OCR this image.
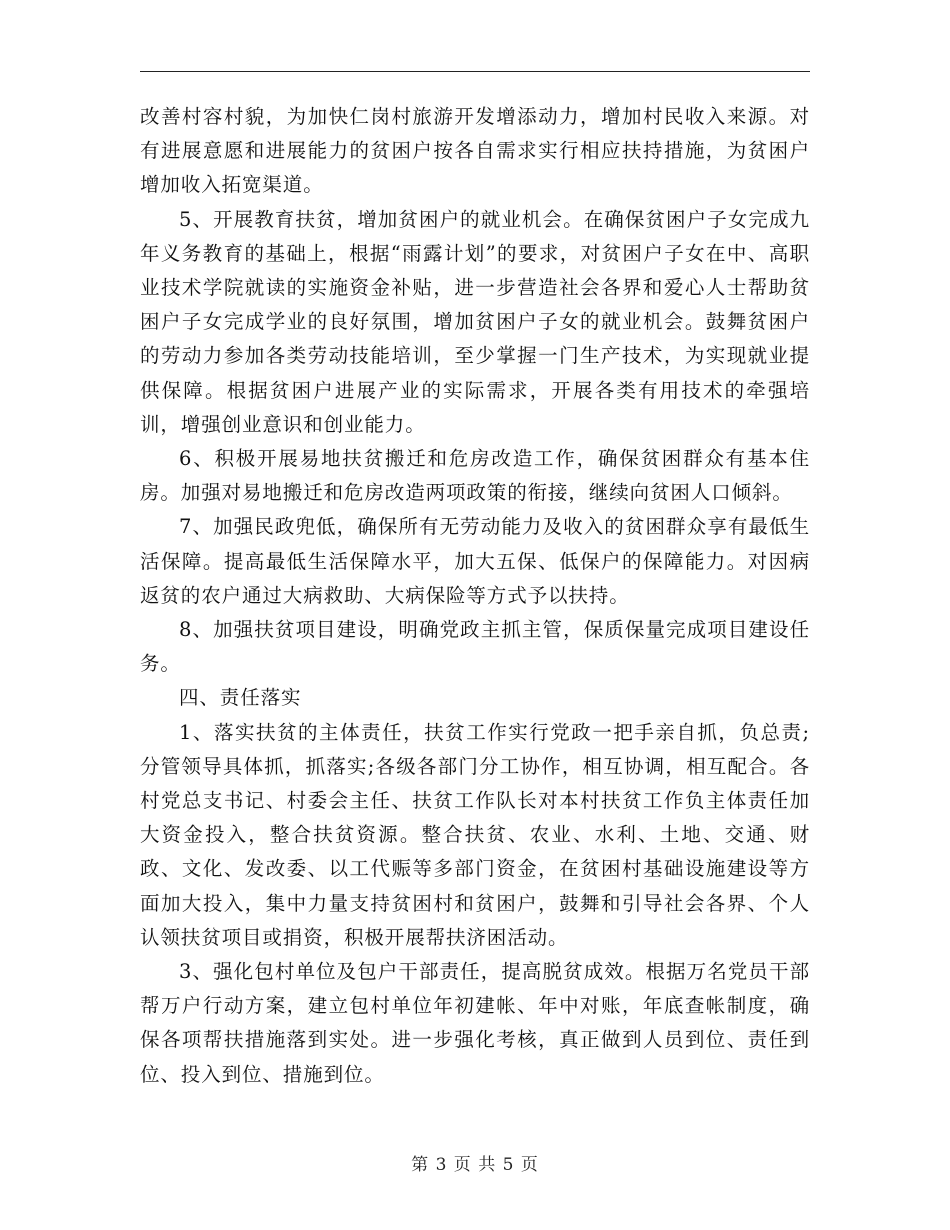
改善村容村貌，为加快仁岗村旅游开发增添动力，增加村民收入来源。对有进展意愿和进展能力的贫困户按各自需求实行相应扶持措施，为贫困户增加收入拓宽渠道。

5、开展教育扶贫，增加贫困户的就业机会。在确保贫困户子女完成九年义务教育的基础上，根据“雨露计划”的要求，对贫困户子女在中、高职业技术学院就读的实施资金补贴，进一步营造社会各界和爱心人士帮助贫困户子女完成学业的良好氛围，增加贫困户子女的就业机会。鼓舞贫困户的劳动力参加各类劳动技能培训，至少掌握一门生产技术，为实现就业提供保障。根据贫困户进展产业的实际需求，开展各类有用技术的牵强培训，增强创业意识和创业能力。

6、积极开展易地扶贫搬迁和危房改造工作，确保贫困群众有基本住房。加强对易地搬迁和危房改造两项政策的衔接，继续向贫困人口倾斜。

7、加强民政兜低，确保所有无劳动能力及收入的贫困群众享有最低生活保障。提高最低生活保障水平，加大五保、低保户的保障能力。对因病返贫的农户通过大病救助、大病保险等方式予以扶持。

8、加强扶贫项目建设，明确党政主抓主管，保质保量完成项目建设任务。

四、责任落实

1、落实扶贫的主体责任，扶贫工作实行党政一把手亲自抓，负总责;分管领导具体抓，抓落实;各级各部门分工协作，相互协调，相互配合。各村党总支书记、村委会主任、扶贫工作队长对本村扶贫工作负主体责任加大资金投入，整合扶贫资源。整合扶贫、农业、水利、土地、交通、财政、文化、发改委、以工代赈等多部门资金，在贫困村基础设施建设等方面加大投入，集中力量支持贫困村和贫困户，鼓舞和引导社会各界、个人认领扶贫项目或捐资，积极开展帮扶济困活动。

3、强化包村单位及包户干部责任，提高脱贫成效。根据万名党员干部帮万户行动方案，建立包村单位年初建帐、年中对账，年底查帐制度，确保各项帮扶措施落到实处。进一步强化考核，真正做到人员到位、责任到位、投入到位、措施到位。

第 3 页 共 5 页
